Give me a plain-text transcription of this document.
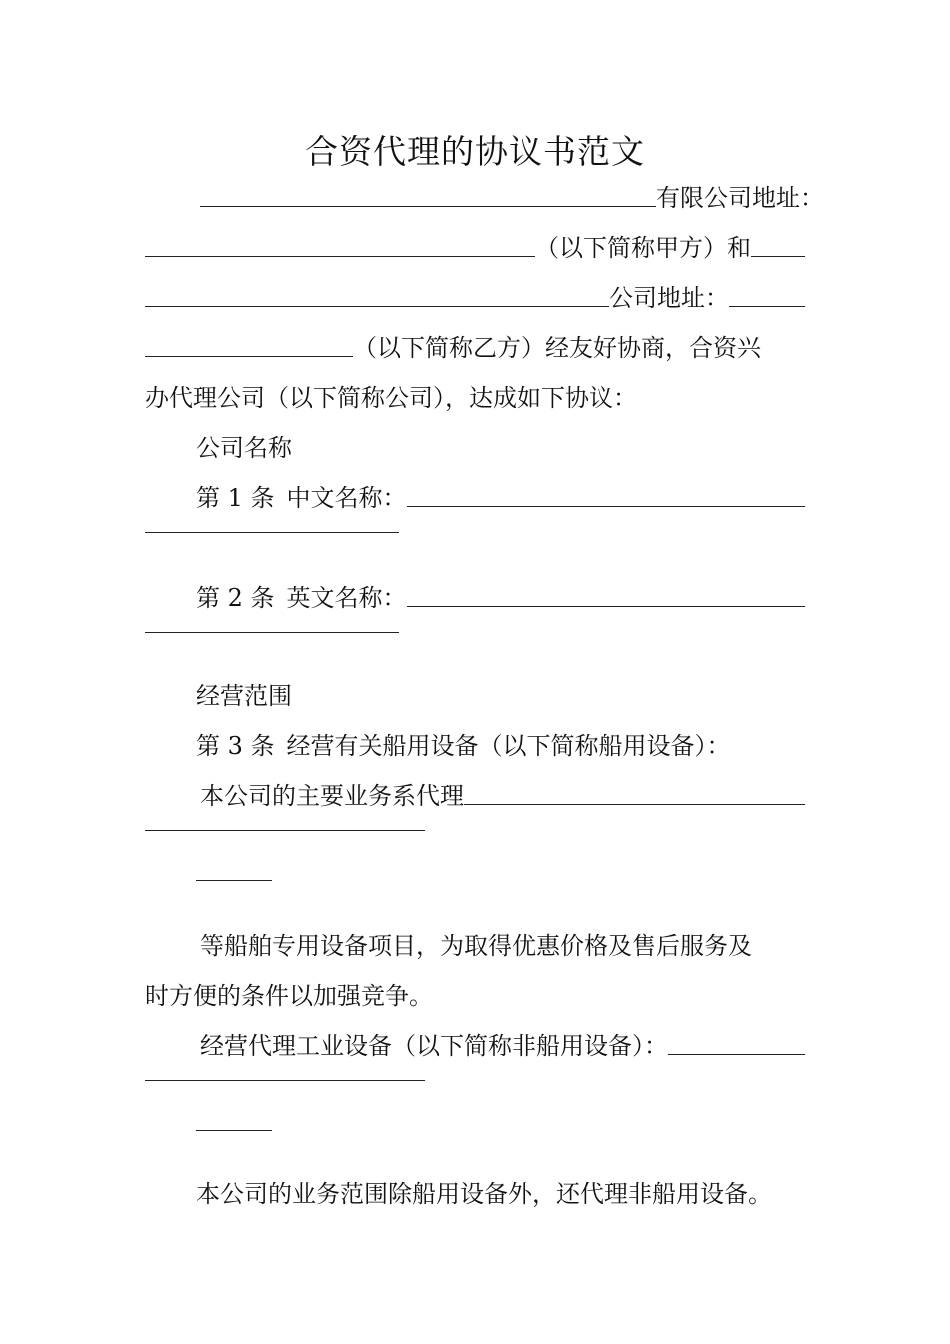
合资代理的协议书范文
有限公司地址：
（以下简称甲方）和
公司地址：
（以下简称乙方）经友好协商，合资兴
办代理公司（以下简称公司），达成如下协议：
公司名称
第 1 条 中文名称：
第 2 条 英文名称：
经营范围
第 3 条 经营有关船用设备（以下简称船用设备）：
本公司的主要业务系代理
等船舶专用设备项目，为取得优惠价格及售后服务及
时方便的条件以加强竞争。
经营代理工业设备（以下简称非船用设备）：
本公司的业务范围除船用设备外，还代理非船用设备。
